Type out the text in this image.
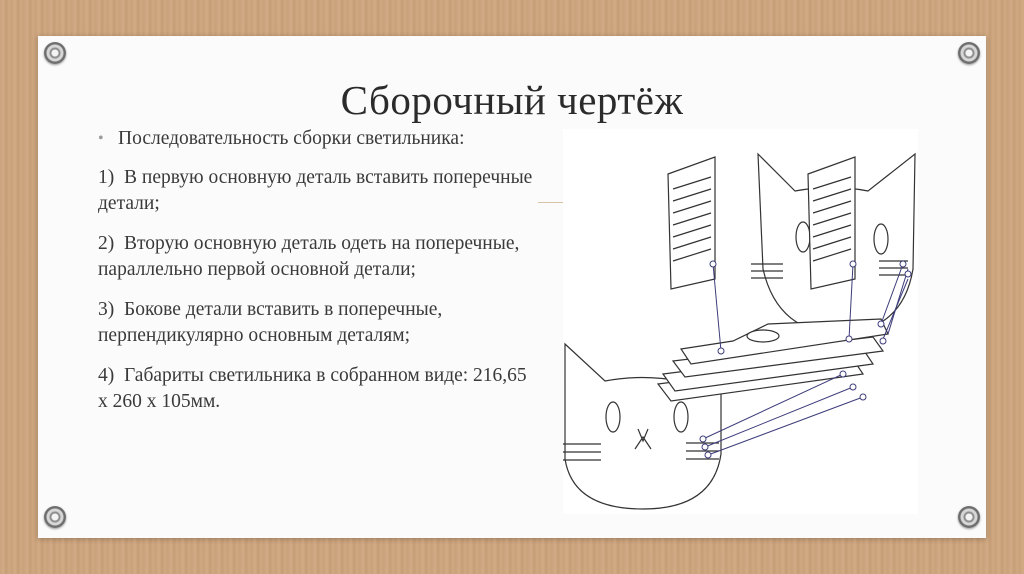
Сборочный чертёж
• Последовательность сборки светильника:
1) В первую основную деталь вставить поперечные детали;
2) Вторую основную деталь одеть на поперечные, параллельно первой основной детали;
3) Бокове детали вставить в поперечные, перпендикулярно основным деталям;
4) Габариты светильника в собранном виде: 216,65 х 260 х 105мм.
